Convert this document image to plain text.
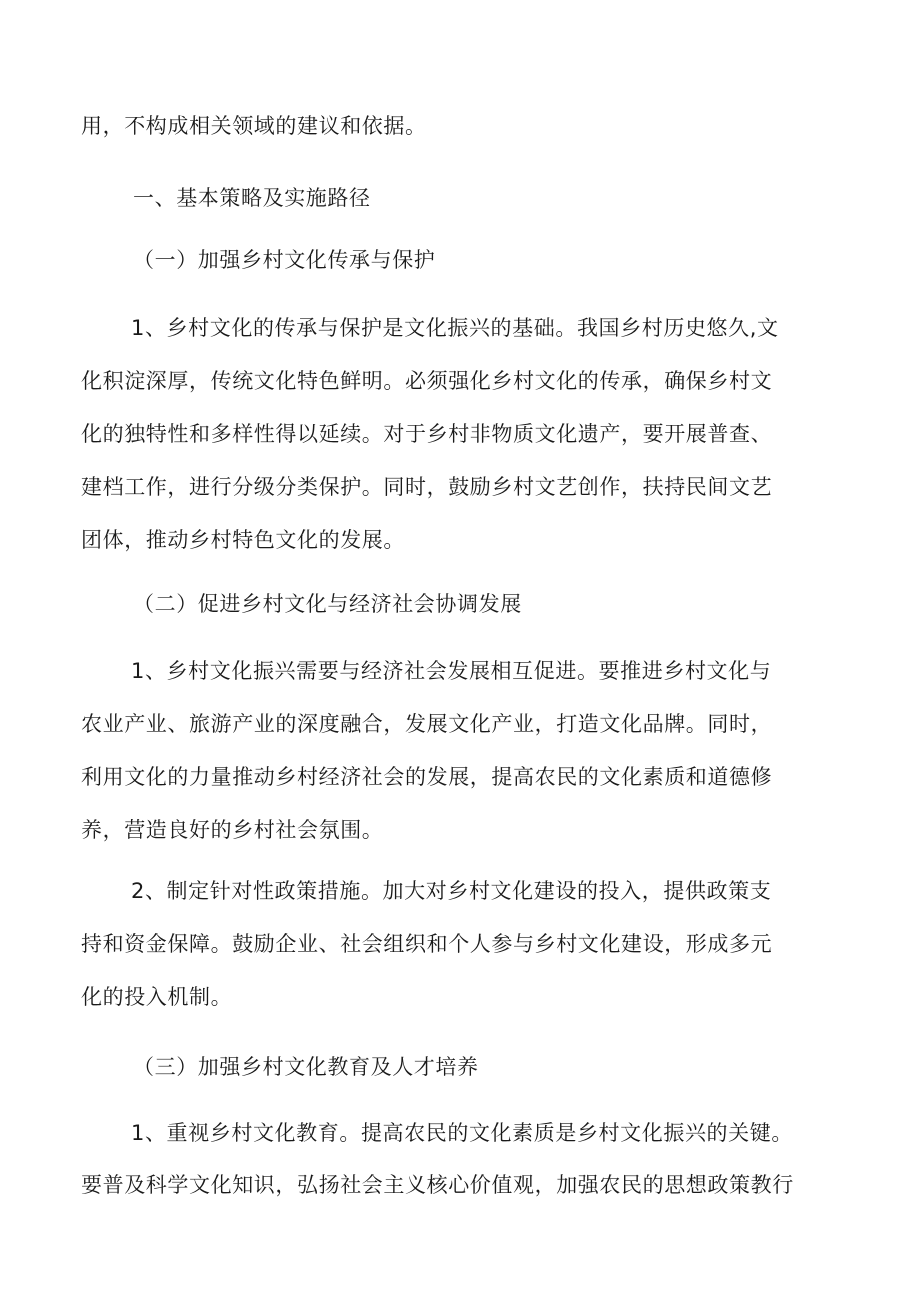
用，不构成相关领域的建议和依据。
一、基本策略及实施路径
（一）加强乡村文化传承与保护
1、乡村文化的传承与保护是文化振兴的基础。我国乡村历史悠久,文
化积淀深厚，传统文化特色鲜明。必须强化乡村文化的传承，确保乡村文
化的独特性和多样性得以延续。对于乡村非物质文化遗产，要开展普查、
建档工作，进行分级分类保护。同时，鼓励乡村文艺创作，扶持民间文艺
团体，推动乡村特色文化的发展。
（二）促进乡村文化与经济社会协调发展
1、乡村文化振兴需要与经济社会发展相互促进。要推进乡村文化与
农业产业、旅游产业的深度融合，发展文化产业，打造文化品牌。同时，
利用文化的力量推动乡村经济社会的发展，提高农民的文化素质和道德修
养，营造良好的乡村社会氛围。
2、制定针对性政策措施。加大对乡村文化建设的投入，提供政策支
持和资金保障。鼓励企业、社会组织和个人参与乡村文化建设，形成多元
化的投入机制。
（三）加强乡村文化教育及人才培养
1、重视乡村文化教育。提高农民的文化素质是乡村文化振兴的关键。
要普及科学文化知识，弘扬社会主义核心价值观，加强农民的思想政策教行
